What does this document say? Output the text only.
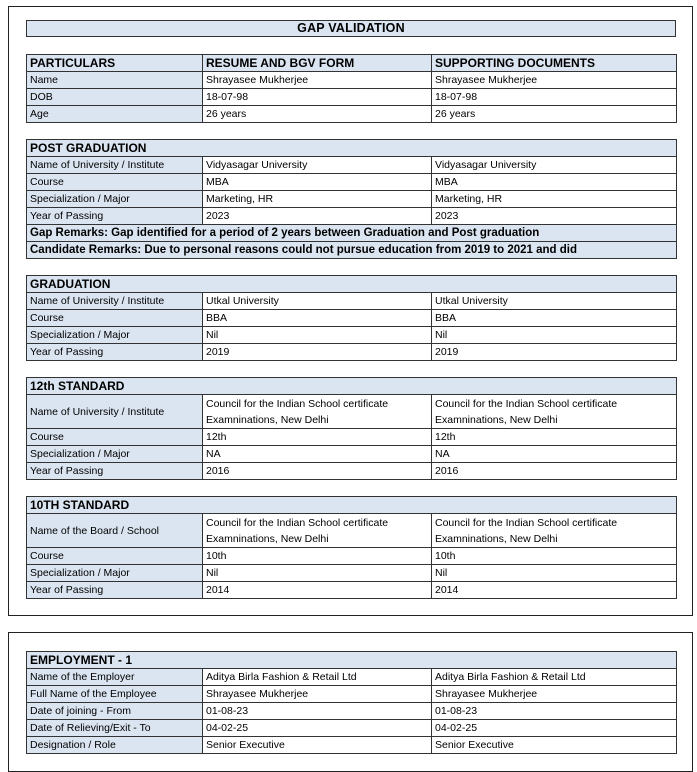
GAP VALIDATION
PARTICULARS	RESUME AND BGV FORM	SUPPORTING DOCUMENTS
Name	Shrayasee Mukherjee	Shrayasee Mukherjee
DOB	18-07-98	18-07-98
Age	26 years	26 years
POST GRADUATION		
Name of University / Institute	Vidyasagar University	Vidyasagar University
Course	MBA	MBA
Specialization / Major	Marketing, HR	Marketing, HR
Year of Passing	2023	2023
Gap Remarks: Gap identified for a period of 2 years between Graduation and Post graduation		
Candidate Remarks: Due to personal reasons could not pursue education from 2019 to 2021 and did		
GRADUATION		
Name of University / Institute	Utkal University	Utkal University
Course	BBA	BBA
Specialization / Major	Nil	Nil
Year of Passing	2019	2019
12th STANDARD		
Name of University / Institute	Council for the Indian School certificate Examninations, New Delhi	Council for the Indian School certificate Examninations, New Delhi
Course	12th	12th
Specialization / Major	NA	NA
Year of Passing	2016	2016
10TH STANDARD		
Name of the Board / School	Council for the Indian School certificate Examninations, New Delhi	Council for the Indian School certificate Examninations, New Delhi
Course	10th	10th
Specialization / Major	Nil	Nil
Year of Passing	2014	2014
EMPLOYMENT - 1		
Name of the Employer	Aditya Birla Fashion & Retail Ltd	Aditya Birla Fashion & Retail Ltd
Full Name of the Employee	Shrayasee Mukherjee	Shrayasee Mukherjee
Date of joining - From	01-08-23	01-08-23
Date of Relieving/Exit - To	04-02-25	04-02-25
Designation / Role	Senior Executive	Senior Executive
